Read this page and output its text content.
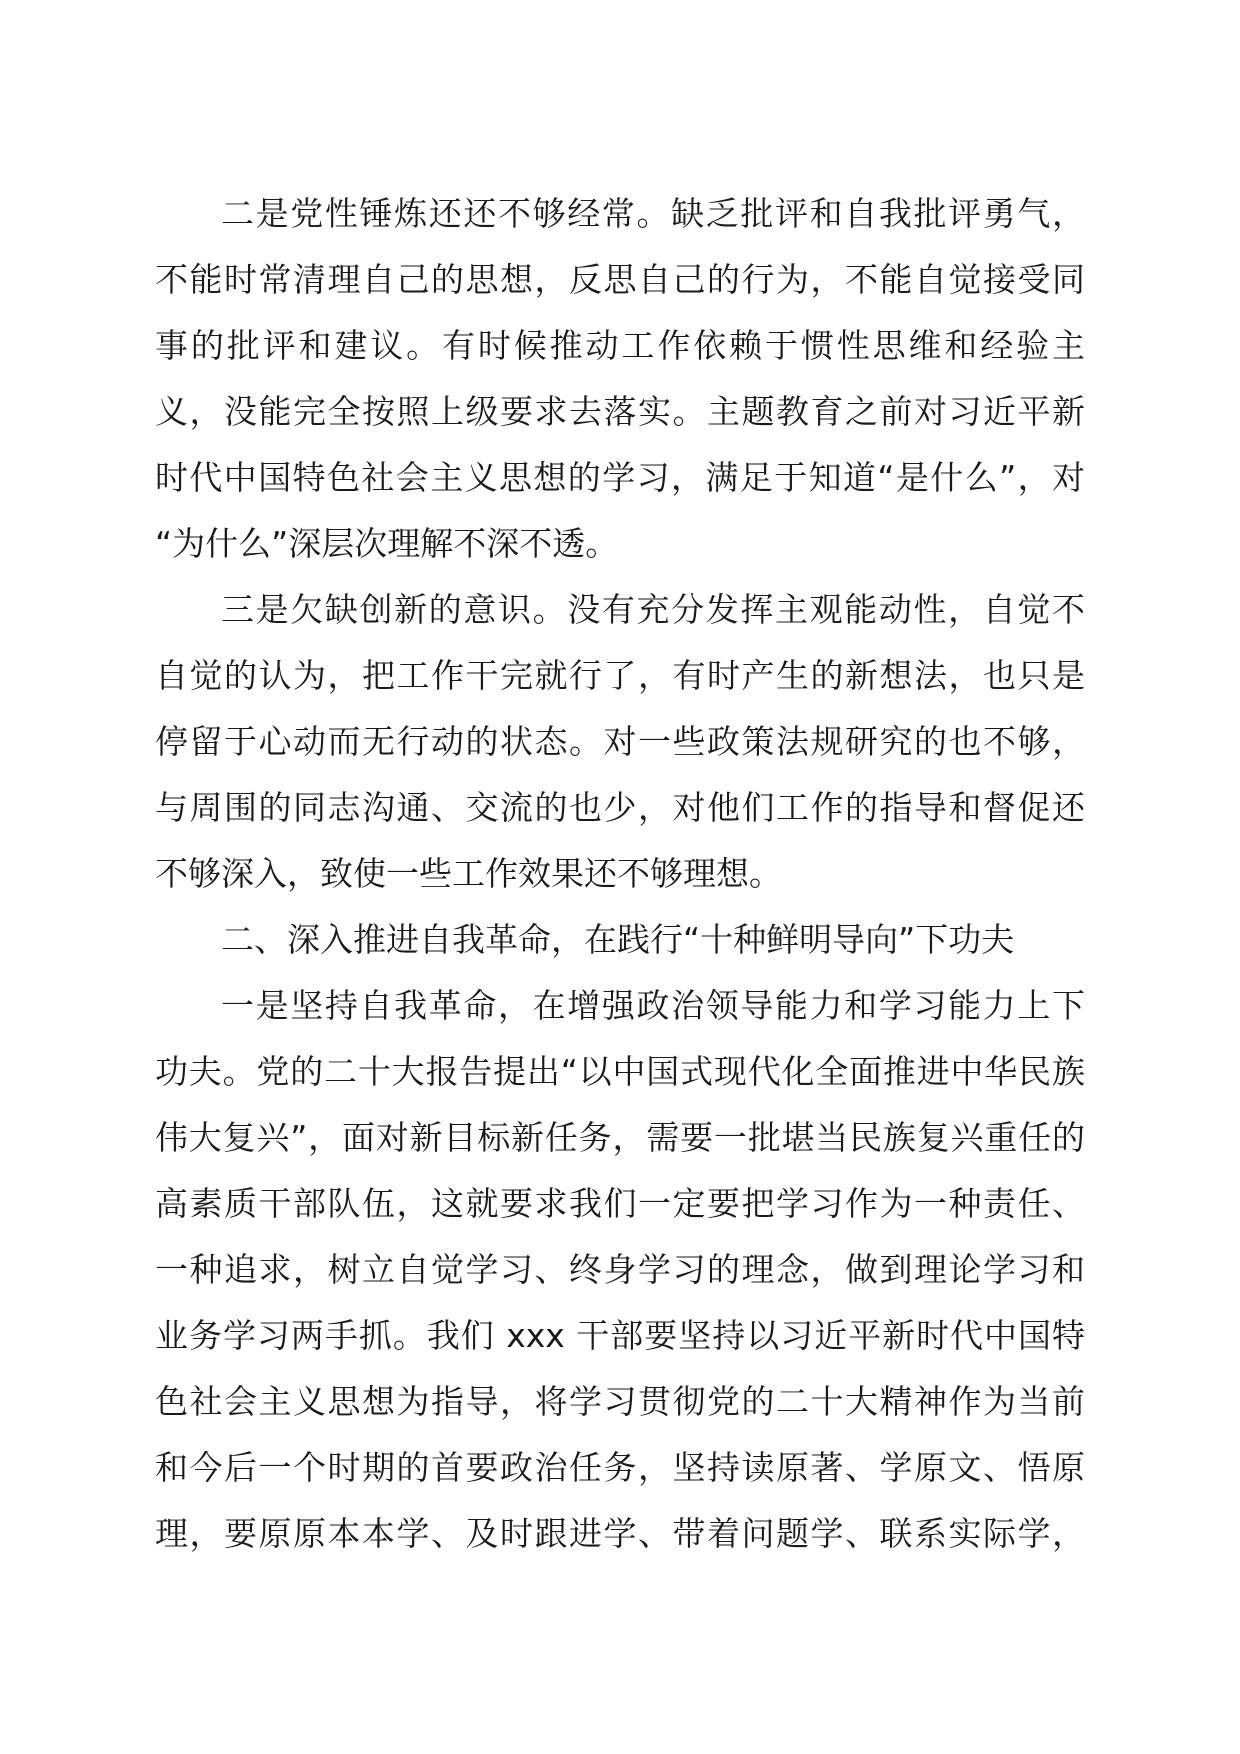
二是党性锤炼还还不够经常。缺乏批评和自我批评勇气，
不能时常清理自己的思想，反思自己的行为，不能自觉接受同
事的批评和建议。有时候推动工作依赖于惯性思维和经验主
义，没能完全按照上级要求去落实。主题教育之前对习近平新
时代中国特色社会主义思想的学习，满足于知道“是什么”，对
“为什么”深层次理解不深不透。
三是欠缺创新的意识。没有充分发挥主观能动性，自觉不
自觉的认为，把工作干完就行了，有时产生的新想法，也只是
停留于心动而无行动的状态。对一些政策法规研究的也不够，
与周围的同志沟通、交流的也少，对他们工作的指导和督促还
不够深入，致使一些工作效果还不够理想。
二、深入推进自我革命，在践行“十种鲜明导向”下功夫
一是坚持自我革命，在增强政治领导能力和学习能力上下
功夫。党的二十大报告提出“以中国式现代化全面推进中华民族
伟大复兴”，面对新目标新任务，需要一批堪当民族复兴重任的
高素质干部队伍，这就要求我们一定要把学习作为一种责任、
一种追求，树立自觉学习、终身学习的理念，做到理论学习和
业务学习两手抓。我们 xxx 干部要坚持以习近平新时代中国特
色社会主义思想为指导，将学习贯彻党的二十大精神作为当前
和今后一个时期的首要政治任务，坚持读原著、学原文、悟原
理，要原原本本学、及时跟进学、带着问题学、联系实际学，
